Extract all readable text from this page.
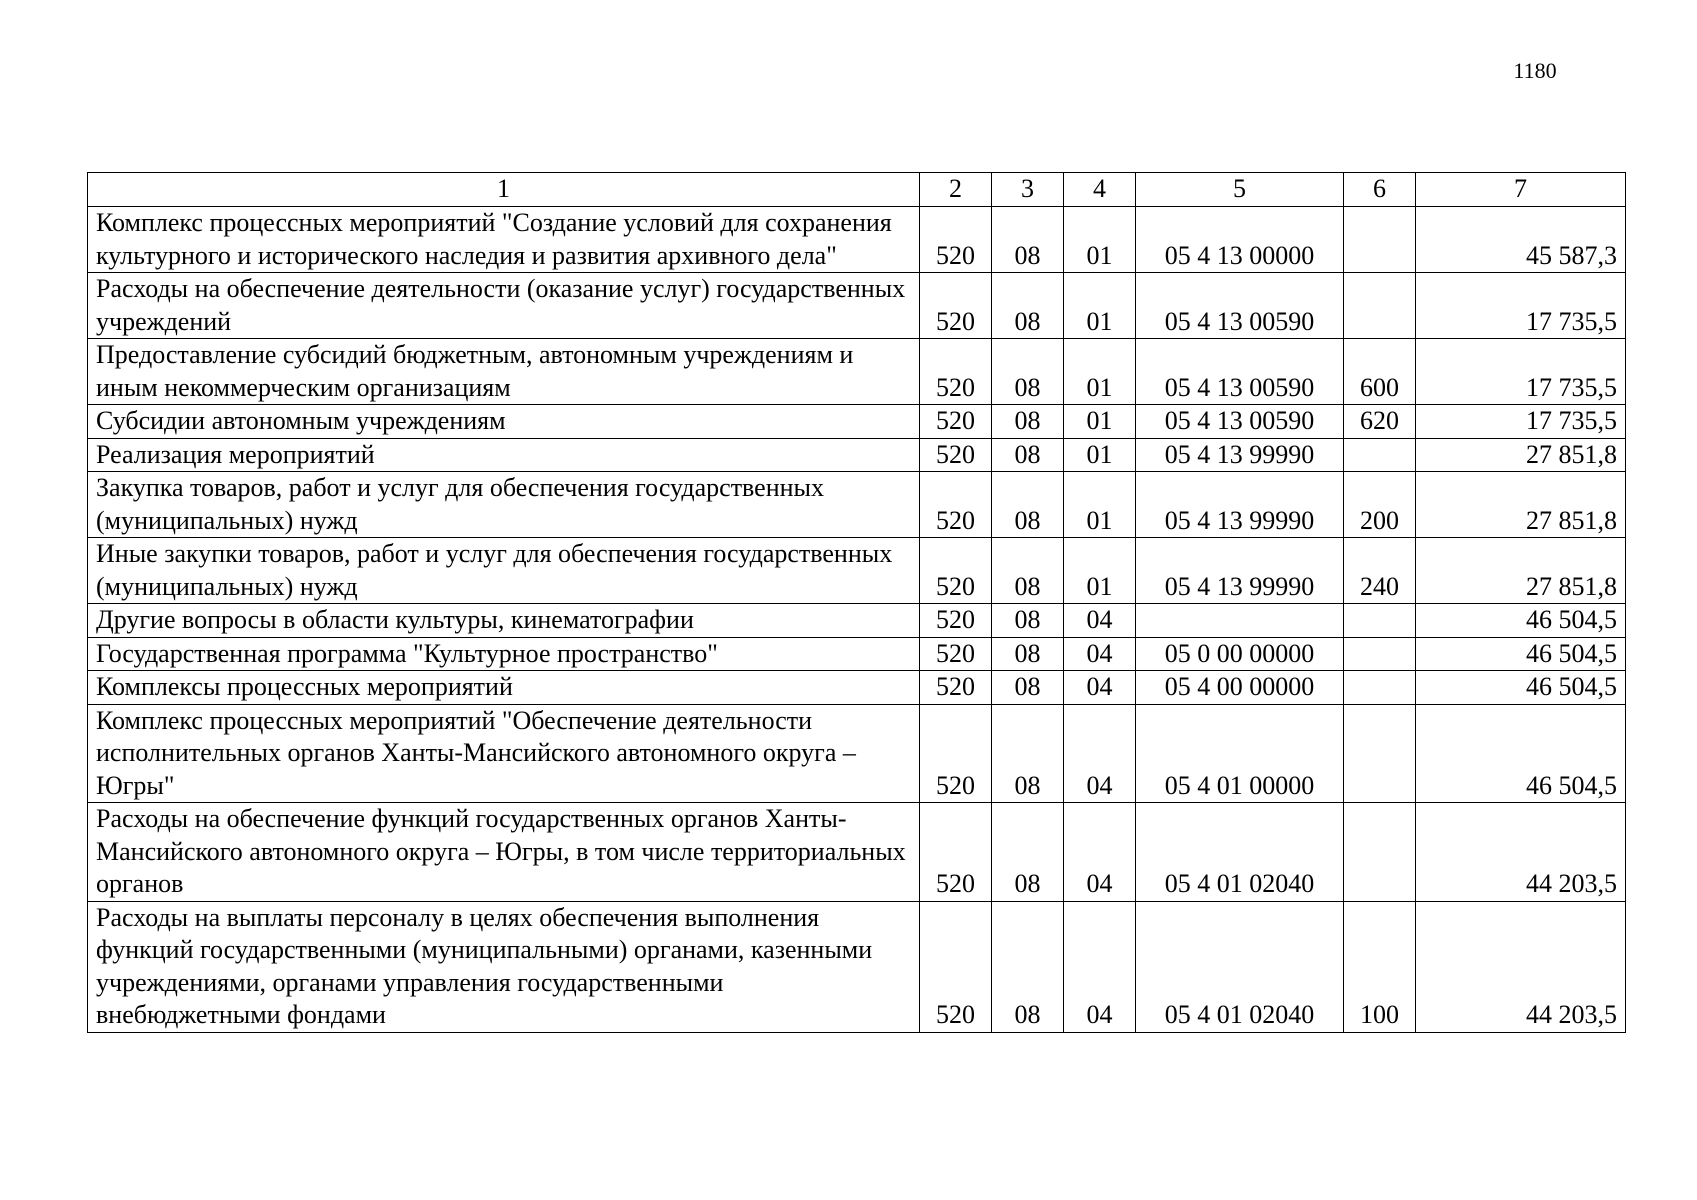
1180
1	2	3	4	5	6	7
Комплекс процессных мероприятий "Создание условий для сохранения культурного и исторического наследия и развития архивного дела"	520	08	01	05 4 13 00000		45 587,3
Расходы на обеспечение деятельности (оказание услуг) государственных учреждений	520	08	01	05 4 13 00590		17 735,5
Предоставление субсидий бюджетным, автономным учреждениям и иным некоммерческим организациям	520	08	01	05 4 13 00590	600	17 735,5
Субсидии автономным учреждениям	520	08	01	05 4 13 00590	620	17 735,5
Реализация мероприятий	520	08	01	05 4 13 99990		27 851,8
Закупка товаров, работ и услуг для обеспечения государственных (муниципальных) нужд	520	08	01	05 4 13 99990	200	27 851,8
Иные закупки товаров, работ и услуг для обеспечения государственных (муниципальных) нужд	520	08	01	05 4 13 99990	240	27 851,8
Другие вопросы в области культуры, кинематографии	520	08	04			46 504,5
Государственная программа "Культурное пространство"	520	08	04	05 0 00 00000		46 504,5
Комплексы процессных мероприятий	520	08	04	05 4 00 00000		46 504,5
Комплекс процессных мероприятий "Обеспечение деятельности исполнительных органов Ханты-Мансийского автономного округа – Югры"	520	08	04	05 4 01 00000		46 504,5
Расходы на обеспечение функций государственных органов Ханты-Мансийского автономного округа – Югры, в том числе территориальных органов	520	08	04	05 4 01 02040		44 203,5
Расходы на выплаты персоналу в целях обеспечения выполнения функций государственными (муниципальными) органами, казенными учреждениями, органами управления государственными внебюджетными фондами	520	08	04	05 4 01 02040	100	44 203,5
